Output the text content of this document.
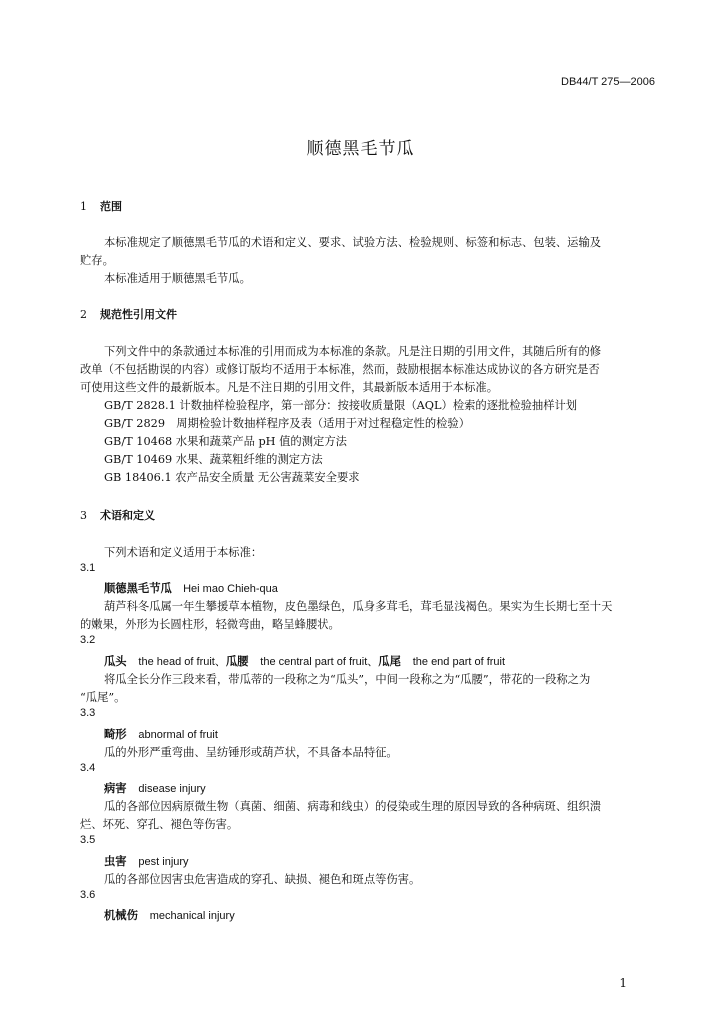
DB44/T 275—2006
顺德黑毛节瓜
1 范围
本标准规定了顺德黑毛节瓜的术语和定义、要求、试验方法、检验规则、标签和标志、包装、运输及
贮存。
本标准适用于顺德黑毛节瓜。
2 规范性引用文件
下列文件中的条款通过本标准的引用而成为本标准的条款。凡是注日期的引用文件，其随后所有的修
改单（不包括勘误的内容）或修订版均不适用于本标准，然而，鼓励根据本标准达成协议的各方研究是否
可使用这些文件的最新版本。凡是不注日期的引用文件，其最新版本适用于本标准。
GB/T 2828.1 计数抽样检验程序，第一部分：按接收质量限（AQL）检索的逐批检验抽样计划
GB/T 2829　周期检验计数抽样程序及表（适用于对过程稳定性的检验）
GB/T 10468 水果和蔬菜产品 pH 值的测定方法
GB/T 10469 水果、蔬菜粗纤维的测定方法
GB 18406.1 农产品安全质量 无公害蔬菜安全要求
3 术语和定义
下列术语和定义适用于本标准：
3.1
顺德黑毛节瓜　 Hei mao Chieh-qua
葫芦科冬瓜属一年生攀援草本植物，皮色墨绿色，瓜身多茸毛，茸毛显浅褐色。果实为生长期七至十天
的嫩果，外形为长圆柱形，轻微弯曲，略呈蜂腰状。
3.2
瓜头 the head of fruit、瓜腰 the central part of fruit、瓜尾 the end part of fruit
将瓜全长分作三段来看，带瓜蒂的一段称之为“瓜头”，中间一段称之为“瓜腰”，带花的一段称之为
“瓜尾”。
3.3
畸形 abnormal of fruit
瓜的外形严重弯曲、呈纺锤形或葫芦状，不具备本品特征。
3.4
病害 disease injury
瓜的各部位因病原微生物（真菌、细菌、病毒和线虫）的侵染或生理的原因导致的各种病斑、组织溃
烂、坏死、穿孔、褪色等伤害。
3.5
虫害 pest injury
瓜的各部位因害虫危害造成的穿孔、缺损、褪色和斑点等伤害。
3.6
机械伤 mechanical injury
1
